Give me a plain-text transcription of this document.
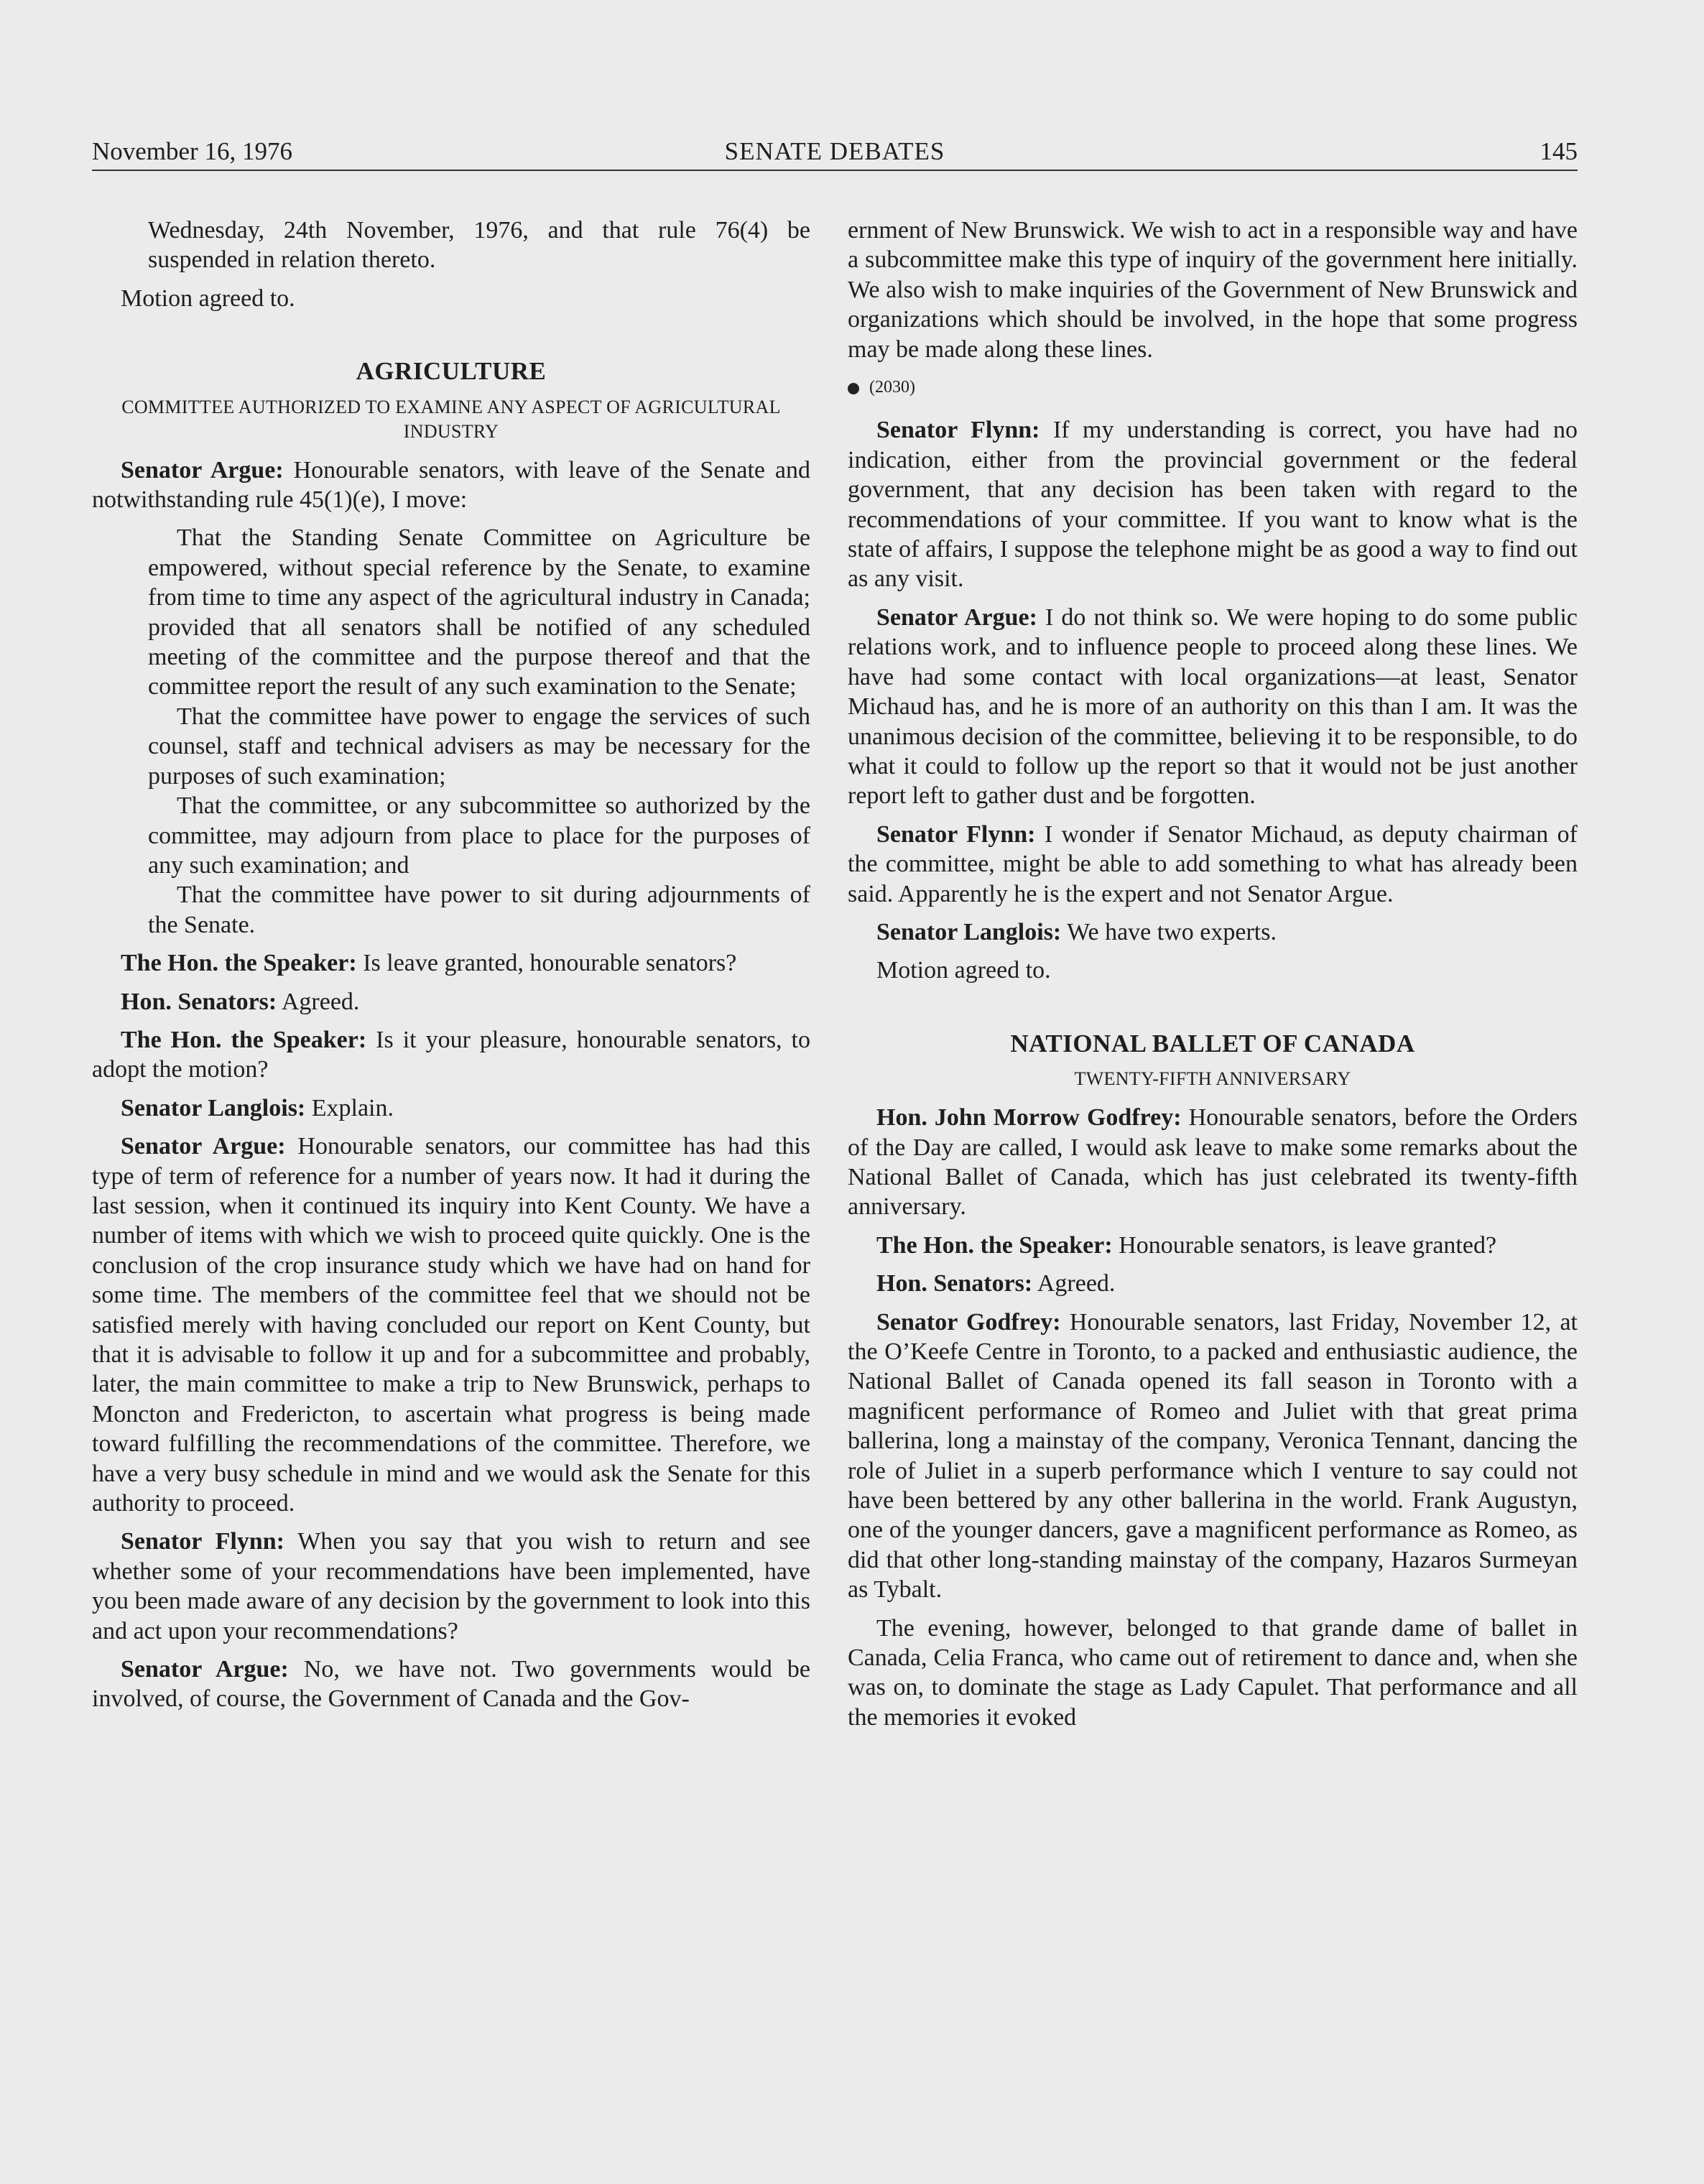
November 16, 1976	SENATE DEBATES	145

Wednesday, 24th November, 1976, and that rule 76(4) be suspended in relation thereto.

Motion agreed to.

AGRICULTURE

COMMITTEE AUTHORIZED TO EXAMINE ANY ASPECT OF AGRICULTURAL INDUSTRY

Senator Argue: Honourable senators, with leave of the Senate and notwithstanding rule 45(1)(e), I move:

That the Standing Senate Committee on Agriculture be empowered, without special reference by the Senate, to examine from time to time any aspect of the agricultural industry in Canada; provided that all senators shall be notified of any scheduled meeting of the committee and the purpose thereof and that the committee report the result of any such examination to the Senate;

That the committee have power to engage the services of such counsel, staff and technical advisers as may be necessary for the purposes of such examination;

That the committee, or any subcommittee so authorized by the committee, may adjourn from place to place for the purposes of any such examination; and

That the committee have power to sit during adjournments of the Senate.

The Hon. the Speaker: Is leave granted, honourable senators?

Hon. Senators: Agreed.

The Hon. the Speaker: Is it your pleasure, honourable senators, to adopt the motion?

Senator Langlois: Explain.

Senator Argue: Honourable senators, our committee has had this type of term of reference for a number of years now. It had it during the last session, when it continued its inquiry into Kent County. We have a number of items with which we wish to proceed quite quickly. One is the conclusion of the crop insurance study which we have had on hand for some time. The members of the committee feel that we should not be satisfied merely with having concluded our report on Kent County, but that it is advisable to follow it up and for a subcommittee and probably, later, the main committee to make a trip to New Brunswick, perhaps to Moncton and Fredericton, to ascertain what progress is being made toward fulfilling the recommendations of the committee. Therefore, we have a very busy schedule in mind and we would ask the Senate for this authority to proceed.

Senator Flynn: When you say that you wish to return and see whether some of your recommendations have been implemented, have you been made aware of any decision by the government to look into this and act upon your recommendations?

Senator Argue: No, we have not. Two governments would be involved, of course, the Government of Canada and the Gov-

ernment of New Brunswick. We wish to act in a responsible way and have a subcommittee make this type of inquiry of the government here initially. We also wish to make inquiries of the Government of New Brunswick and organizations which should be involved, in the hope that some progress may be made along these lines.

(2030)

Senator Flynn: If my understanding is correct, you have had no indication, either from the provincial government or the federal government, that any decision has been taken with regard to the recommendations of your committee. If you want to know what is the state of affairs, I suppose the telephone might be as good a way to find out as any visit.

Senator Argue: I do not think so. We were hoping to do some public relations work, and to influence people to proceed along these lines. We have had some contact with local organizations—at least, Senator Michaud has, and he is more of an authority on this than I am. It was the unanimous decision of the committee, believing it to be responsible, to do what it could to follow up the report so that it would not be just another report left to gather dust and be forgotten.

Senator Flynn: I wonder if Senator Michaud, as deputy chairman of the committee, might be able to add something to what has already been said. Apparently he is the expert and not Senator Argue.

Senator Langlois: We have two experts.

Motion agreed to.

NATIONAL BALLET OF CANADA

TWENTY-FIFTH ANNIVERSARY

Hon. John Morrow Godfrey: Honourable senators, before the Orders of the Day are called, I would ask leave to make some remarks about the National Ballet of Canada, which has just celebrated its twenty-fifth anniversary.

The Hon. the Speaker: Honourable senators, is leave granted?

Hon. Senators: Agreed.

Senator Godfrey: Honourable senators, last Friday, November 12, at the O’Keefe Centre in Toronto, to a packed and enthusiastic audience, the National Ballet of Canada opened its fall season in Toronto with a magnificent performance of Romeo and Juliet with that great prima ballerina, long a mainstay of the company, Veronica Tennant, dancing the role of Juliet in a superb performance which I venture to say could not have been bettered by any other ballerina in the world. Frank Augustyn, one of the younger dancers, gave a magnificent performance as Romeo, as did that other long-standing mainstay of the company, Hazaros Surmeyan as Tybalt.

The evening, however, belonged to that grande dame of ballet in Canada, Celia Franca, who came out of retirement to dance and, when she was on, to dominate the stage as Lady Capulet. That performance and all the memories it evoked
